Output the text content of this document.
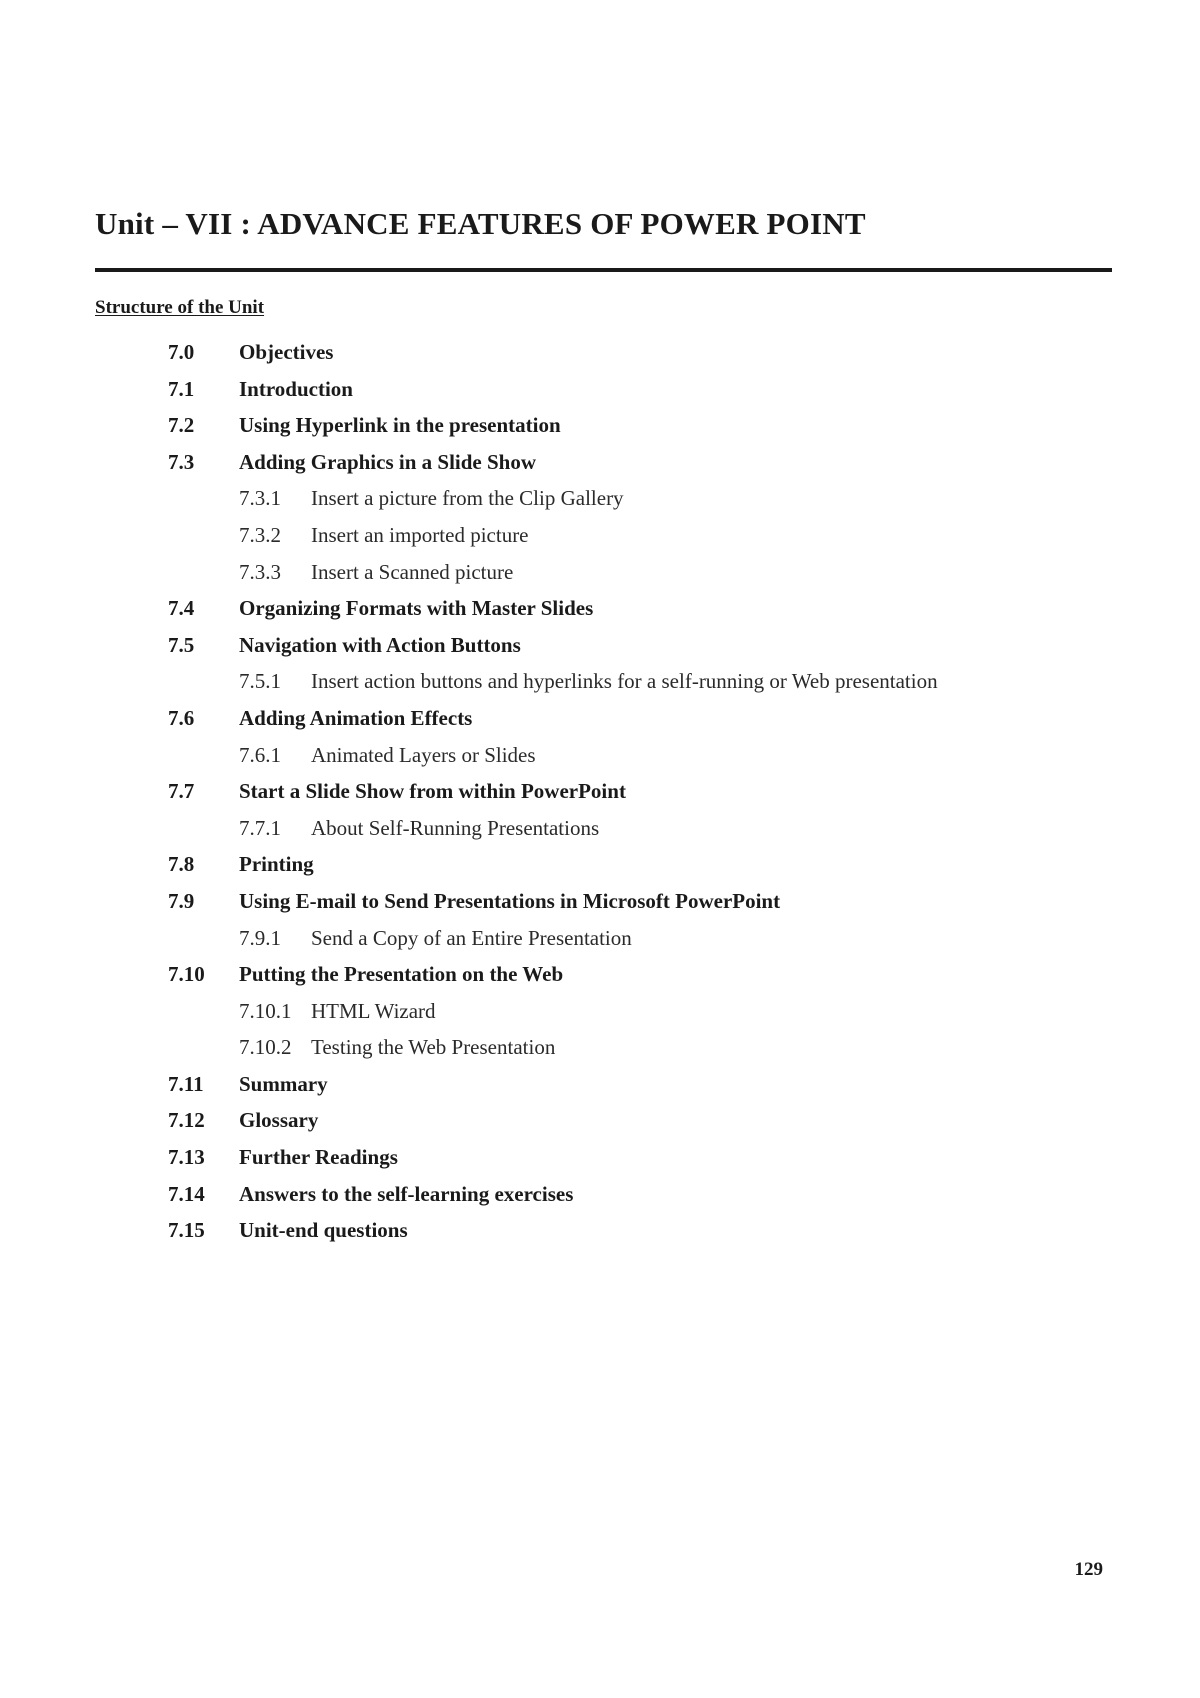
Unit – VII : ADVANCE FEATURES OF POWER POINT
Structure of the Unit
7.0 Objectives
7.1 Introduction
7.2 Using Hyperlink in the presentation
7.3 Adding Graphics in a Slide Show
7.3.1 Insert a picture from the Clip Gallery
7.3.2 Insert an imported picture
7.3.3 Insert a Scanned picture
7.4 Organizing Formats with Master Slides
7.5 Navigation with Action Buttons
7.5.1 Insert action buttons and hyperlinks for a self-running or Web presentation
7.6 Adding Animation Effects
7.6.1 Animated Layers or Slides
7.7 Start a Slide Show from within PowerPoint
7.7.1 About Self-Running Presentations
7.8 Printing
7.9 Using E-mail to Send Presentations in Microsoft PowerPoint
7.9.1 Send a Copy of an Entire Presentation
7.10 Putting the Presentation on the Web
7.10.1 HTML Wizard
7.10.2 Testing the Web Presentation
7.11 Summary
7.12 Glossary
7.13 Further Readings
7.14 Answers to the self-learning exercises
7.15 Unit-end questions

129
